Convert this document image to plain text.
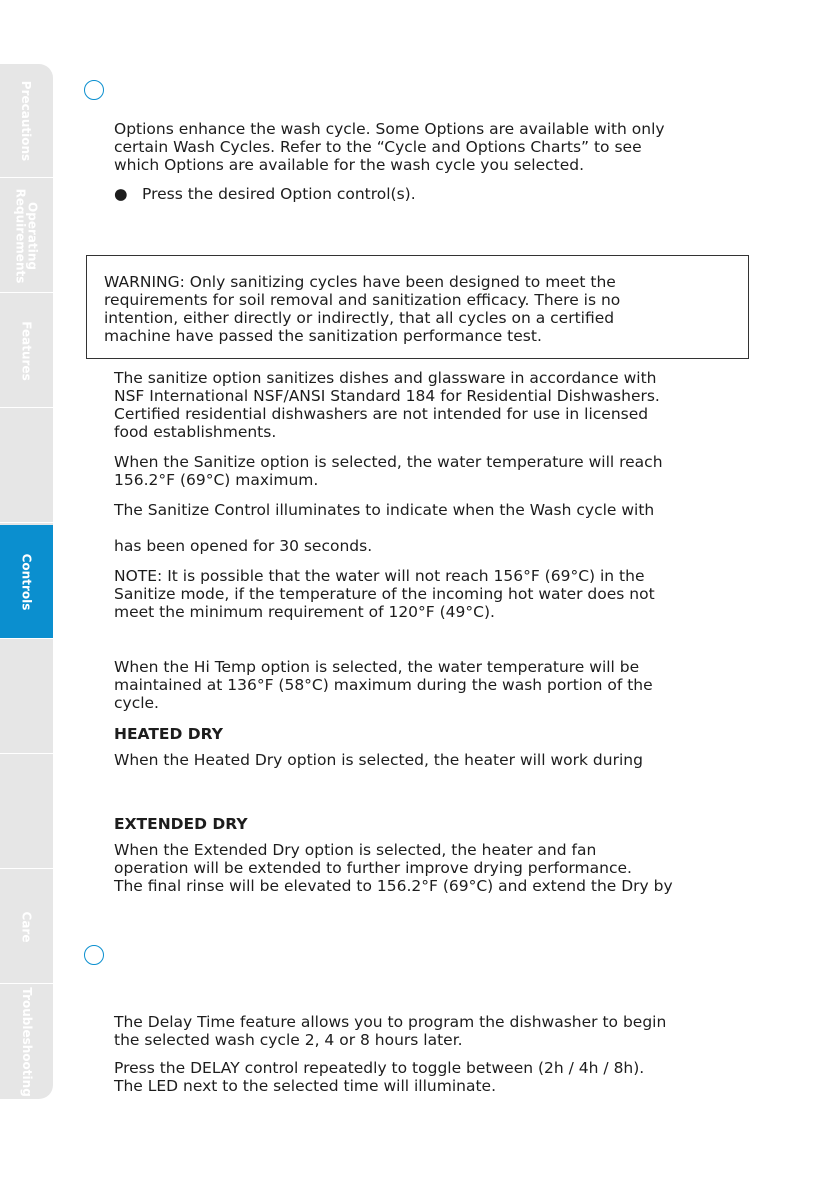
Precautions
Operating
Requirements
Features
Controls
Care
Troubleshooting

Options enhance the wash cycle. Some Options are available with only
certain Wash Cycles. Refer to the “Cycle and Options Charts” to see
which Options are available for the wash cycle you selected.

● Press the desired Option control(s).

WARNING: Only sanitizing cycles have been designed to meet the
requirements for soil removal and sanitization efficacy. There is no
intention, either directly or indirectly, that all cycles on a certified
machine have passed the sanitization performance test.

The sanitize option sanitizes dishes and glassware in accordance with
NSF International NSF/ANSI Standard 184 for Residential Dishwashers.
Certified residential dishwashers are not intended for use in licensed
food establishments.

When the Sanitize option is selected, the water temperature will reach
156.2°F (69°C) maximum.

The Sanitize Control illuminates to indicate when the Wash cycle with

has been opened for 30 seconds.

NOTE: It is possible that the water will not reach 156°F (69°C) in the
Sanitize mode, if the temperature of the incoming hot water does not
meet the minimum requirement of 120°F (49°C).

When the Hi Temp option is selected, the water temperature will be
maintained at 136°F (58°C) maximum during the wash portion of the
cycle.

HEATED DRY

When the Heated Dry option is selected, the heater will work during

EXTENDED DRY

When the Extended Dry option is selected, the heater and fan
operation will be extended to further improve drying performance.
The final rinse will be elevated to 156.2°F (69°C) and extend the Dry by

The Delay Time feature allows you to program the dishwasher to begin
the selected wash cycle 2, 4 or 8 hours later.

Press the DELAY control repeatedly to toggle between (2h / 4h / 8h).
The LED next to the selected time will illuminate.
